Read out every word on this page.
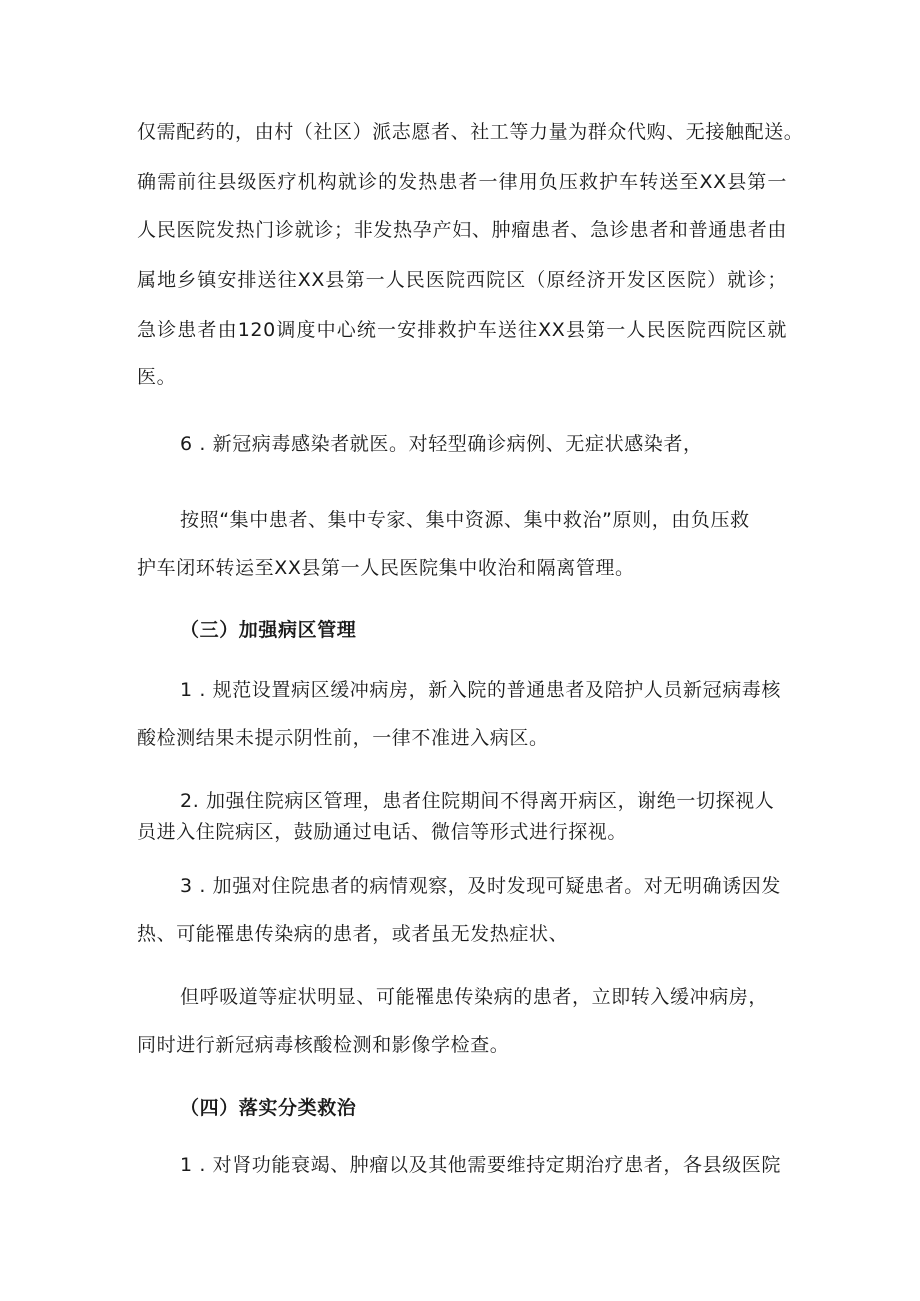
仅需配药的，由村（社区）派志愿者、社工等力量为群众代购、无接触配送。
确需前往县级医疗机构就诊的发热患者一律用负压救护车转送至XX县第一
人民医院发热门诊就诊；非发热孕产妇、肿瘤患者、急诊患者和普通患者由
属地乡镇安排送往XX县第一人民医院西院区（原经济开发区医院）就诊；
急诊患者由120调度中心统一安排救护车送往XX县第一人民医院西院区就
医。
6 . 新冠病毒感染者就医。对轻型确诊病例、无症状感染者，
按照“集中患者、集中专家、集中资源、集中救治”原则，由负压救
护车闭环转运至XX县第一人民医院集中收治和隔离管理。
（三）加强病区管理
1 . 规范设置病区缓冲病房，新入院的普通患者及陪护人员新冠病毒核
酸检测结果未提示阴性前，一律不准进入病区。
2. 加强住院病区管理，患者住院期间不得离开病区，谢绝一切探视人
员进入住院病区，鼓励通过电话、微信等形式进行探视。
3 . 加强对住院患者的病情观察，及时发现可疑患者。对无明确诱因发
热、可能罹患传染病的患者，或者虽无发热症状、
但呼吸道等症状明显、可能罹患传染病的患者，立即转入缓冲病房，
同时进行新冠病毒核酸检测和影像学检查。
（四）落实分类救治
1 . 对肾功能衰竭、肿瘤以及其他需要维持定期治疗患者，各县级医院
